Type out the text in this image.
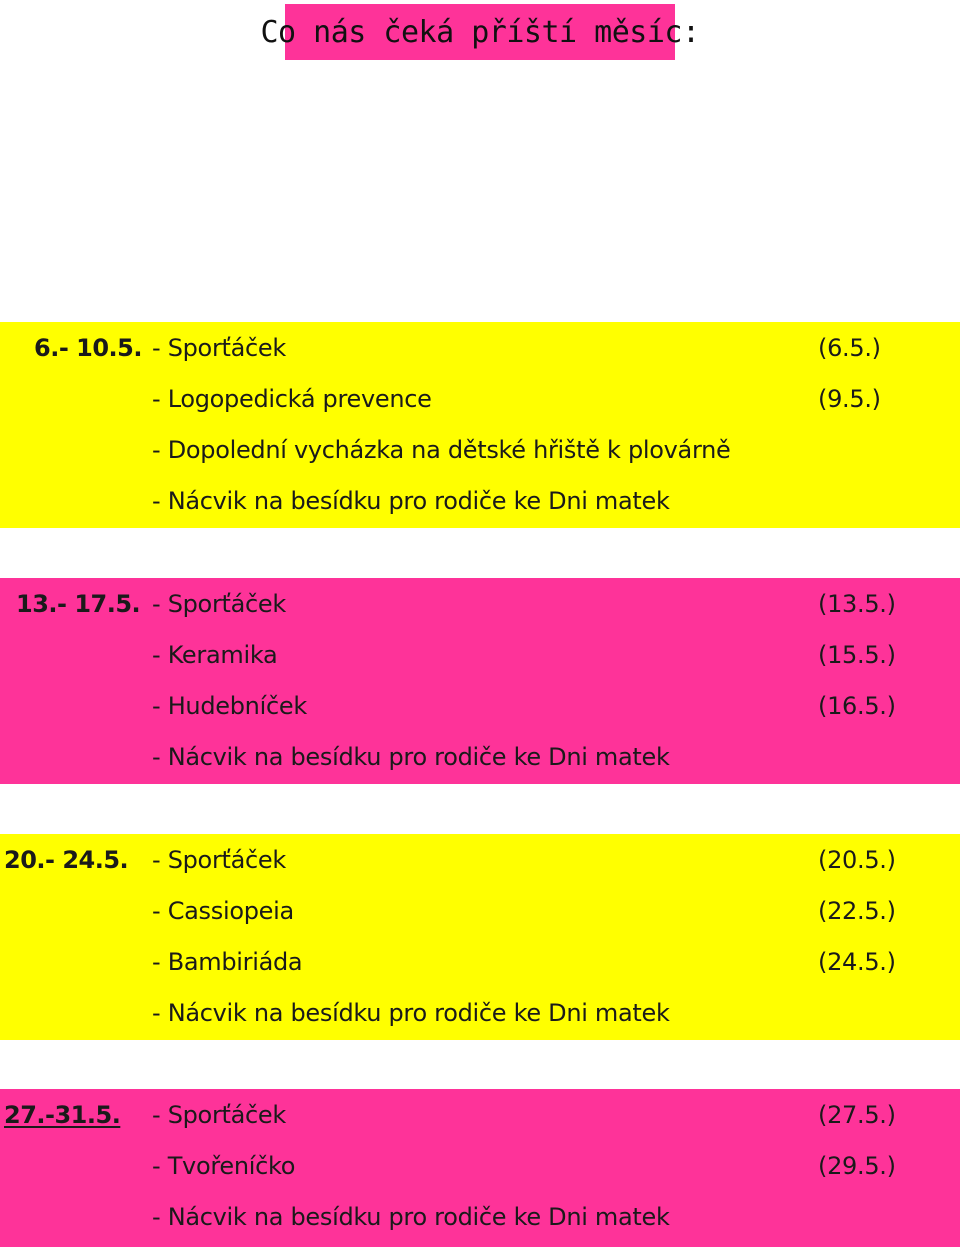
Co nás čeká příští měsíc:
6.- 10.5. - Sporťáček	(6.5.)
- Logopedická prevence	(9.5.)
- Dopolední vycházka na dětské hřiště k plovárně
- Nácvik na besídku pro rodiče ke Dni matek
13.- 17.5. - Sporťáček	(13.5.)
- Keramika	(15.5.)
- Hudebníček	(16.5.)
- Nácvik na besídku pro rodiče ke Dni matek
20.- 24.5. - Sporťáček	(20.5.)
- Cassiopeia	(22.5.)
- Bambiriáda	(24.5.)
- Nácvik na besídku pro rodiče ke Dni matek
27.-31.5. - Sporťáček	(27.5.)
- Tvořeníčko	(29.5.)
- Nácvik na besídku pro rodiče ke Dni matek
